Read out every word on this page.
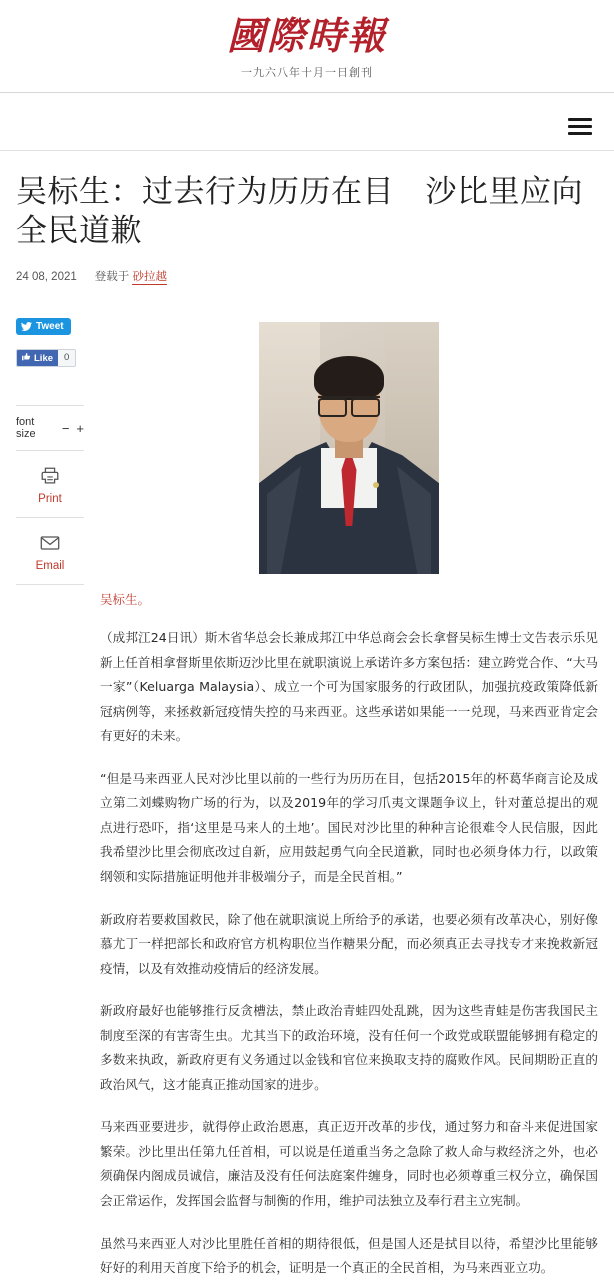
國際時報
一九六八年十月一日創刊
吴标生：过去行为历历在目　沙比里应向全民道歉
24 08, 2021 登载于 砂拉越
Tweet

Like	0
font size	− +
Print
Email
吴标生。

（成邦江24日讯）斯木省华总会长兼成邦江中华总商会会长拿督吴标生博士文告表示乐见新上任首相拿督斯里依斯迈沙比里在就职演说上承诺许多方案包括：建立跨党合作、“大马一家”（Keluarga Malaysia）、成立一个可为国家服务的行政团队，加强抗疫政策降低新冠病例等，来拯救新冠疫情失控的马来西亚。这些承诺如果能一一兑现，马来西亚肯定会有更好的未来。

“但是马来西亚人民对沙比里以前的一些行为历历在目，包括2015年的杯葛华商言论及成立第二刘蝶购物广场的行为，以及2019年的学习爪夷文课题争议上，针对董总提出的观点进行恐吓，指‘这里是马来人的土地’。国民对沙比里的种种言论很难令人民信服，因此我希望沙比里会彻底改过自新，应用鼓起勇气向全民道歉，同时也必须身体力行，以政策纲领和实际措施证明他并非极端分子，而是全民首相。”

新政府若要救国救民，除了他在就职演说上所给予的承诺，也要必须有改革决心，别好像慕尤丁一样把部长和政府官方机构职位当作糖果分配，而必须真正去寻找专才来挽救新冠疫情，以及有效推动疫情后的经济发展。

新政府最好也能够推行反贪槽法，禁止政治青蛙四处乱跳，因为这些青蛙是伤害我国民主制度至深的有害寄生虫。尤其当下的政治环境，没有任何一个政党或联盟能够拥有稳定的多数来执政，新政府更有义务通过以金钱和官位来换取支持的腐败作风。民间期盼正直的政治风气，这才能真正推动国家的进步。

马来西亚要进步，就得停止政治恩惠，真正迈开改革的步伐，通过努力和奋斗来促进国家繁荣。沙比里出任第九任首相，可以说是任道重当务之急除了救人命与救经济之外，也必须确保内阁成员诚信，廉洁及没有任何法庭案件缠身，同时也必须尊重三权分立，确保国会正常运作，发挥国会监督与制衡的作用，维护司法独立及奉行君主立宪制。

虽然马来西亚人对沙比里胜任首相的期待很低，但是国人还是拭目以待，希望沙比里能够好好的利用天首度下给予的机会，证明是一个真正的全民首相，为马来西亚立功。
